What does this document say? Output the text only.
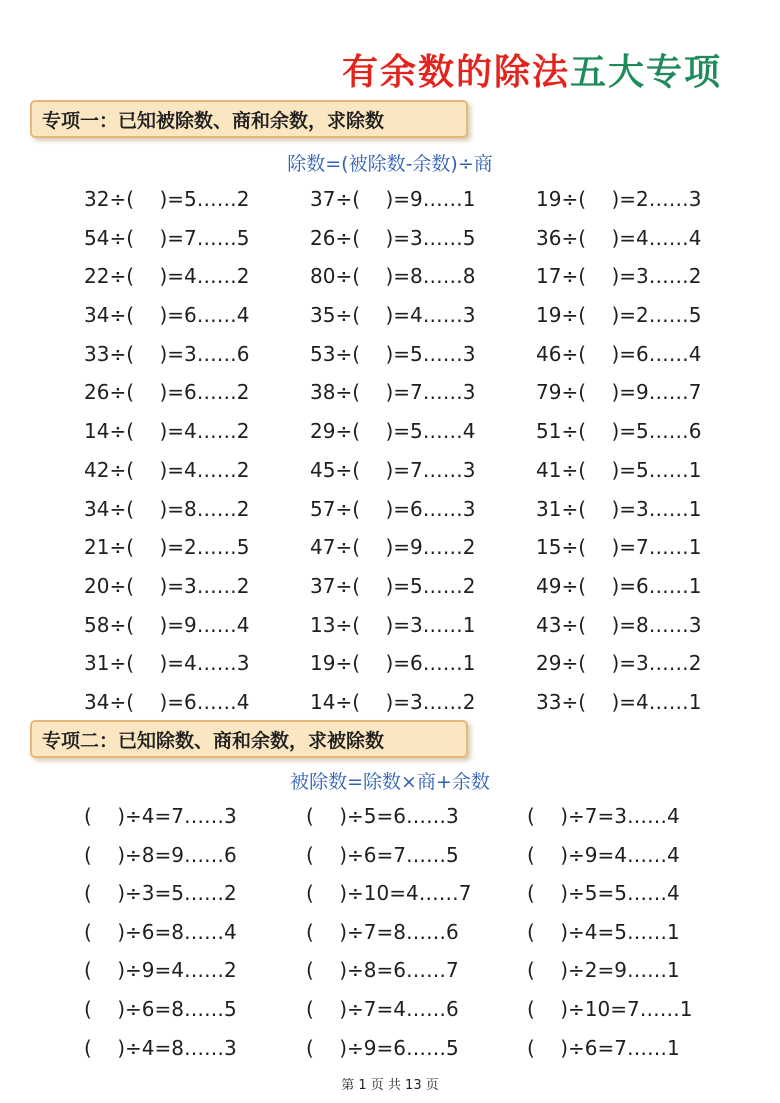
有余数的除法五大专项
专项一：已知被除数、商和余数，求除数
除数=(被除数-余数)÷商
32÷(    )=5……2	37÷(    )=9……1	19÷(    )=2……3
54÷(    )=7……5	26÷(    )=3……5	36÷(    )=4……4
22÷(    )=4……2	80÷(    )=8……8	17÷(    )=3……2
34÷(    )=6……4	35÷(    )=4……3	19÷(    )=2……5
33÷(    )=3……6	53÷(    )=5……3	46÷(    )=6……4
26÷(    )=6……2	38÷(    )=7……3	79÷(    )=9……7
14÷(    )=4……2	29÷(    )=5……4	51÷(    )=5……6
42÷(    )=4……2	45÷(    )=7……3	41÷(    )=5……1
34÷(    )=8……2	57÷(    )=6……3	31÷(    )=3……1
21÷(    )=2……5	47÷(    )=9……2	15÷(    )=7……1
20÷(    )=3……2	37÷(    )=5……2	49÷(    )=6……1
58÷(    )=9……4	13÷(    )=3……1	43÷(    )=8……3
31÷(    )=4……3	19÷(    )=6……1	29÷(    )=3……2
34÷(    )=6……4	14÷(    )=3……2	33÷(    )=4……1
专项二：已知除数、商和余数，求被除数
被除数=除数×商+余数
(    )÷4=7……3	(    )÷5=6……3	(    )÷7=3……4
(    )÷8=9……6	(    )÷6=7……5	(    )÷9=4……4
(    )÷3=5……2	(    )÷10=4……7	(    )÷5=5……4
(    )÷6=8……4	(    )÷7=8……6	(    )÷4=5……1
(    )÷9=4……2	(    )÷8=6……7	(    )÷2=9……1
(    )÷6=8……5	(    )÷7=4……6	(    )÷10=7……1
(    )÷4=8……3	(    )÷9=6……5	(    )÷6=7……1
第 1 页 共 13 页
